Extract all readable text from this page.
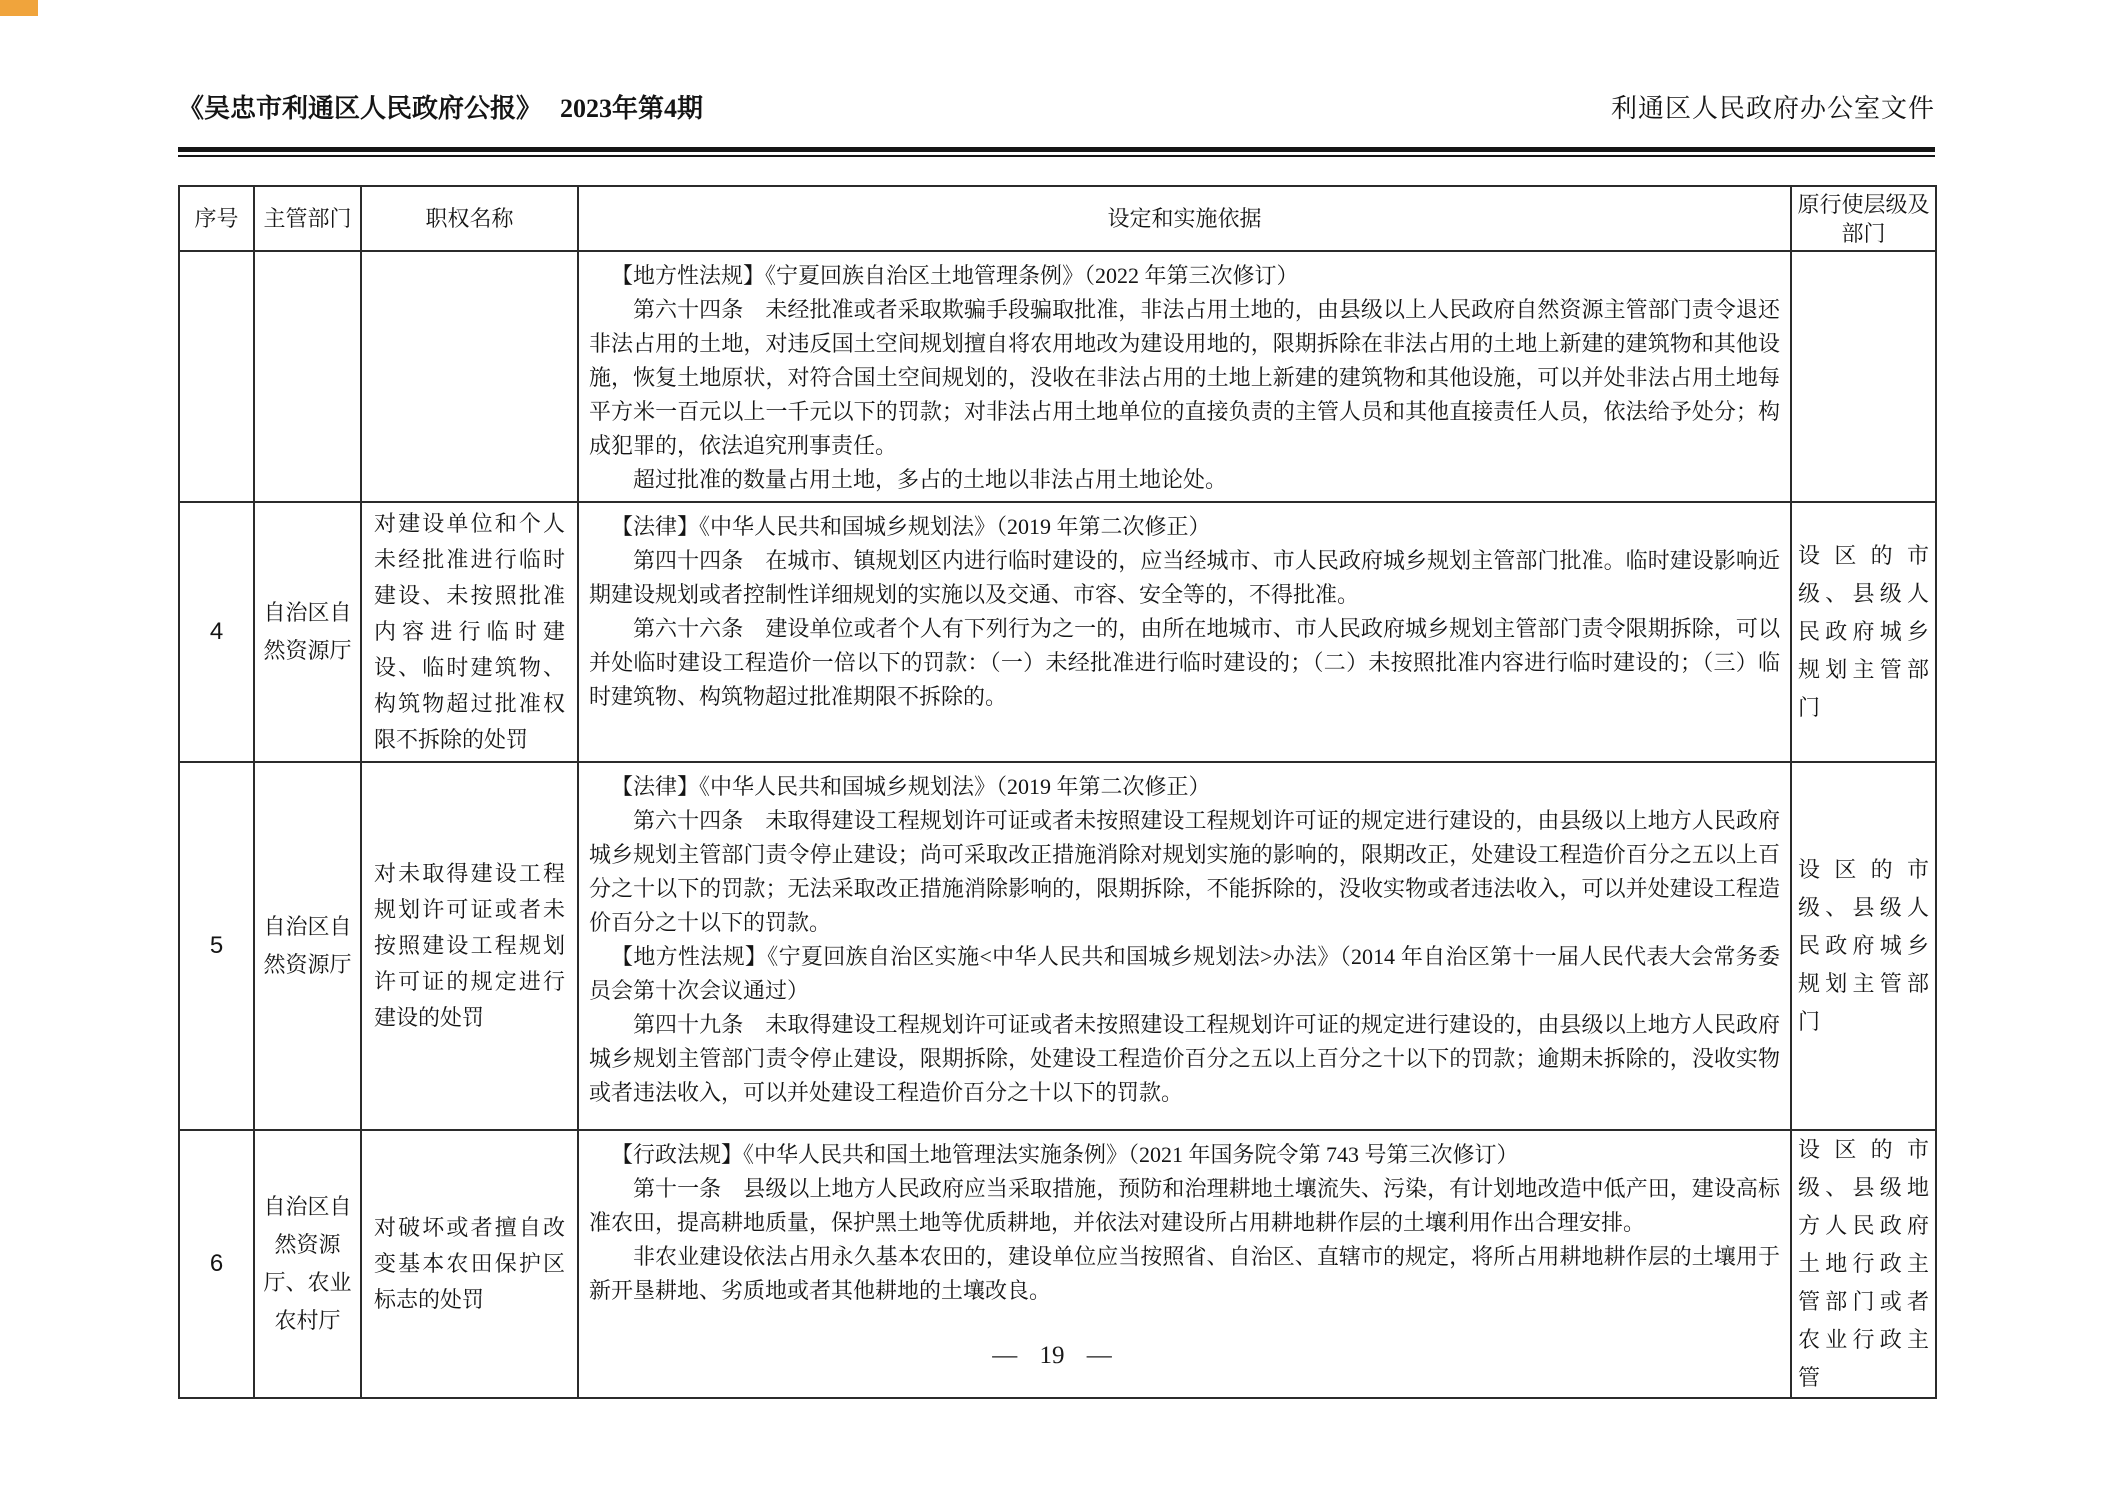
《吴忠市利通区人民政府公报》 2023年第4期	利通区人民政府办公室文件
序号	主管部门	职权名称	设定和实施依据	原行使层级及部门

			【地方性法规】《宁夏回族自治区土地管理条例》（2022 年第三次修订）

第六十四条　未经批准或者采取欺骗手段骗取批准，非法占用土地的，由县级以上人民政府自然资源主管部门责令退还非法占用的土地，对违反国土空间规划擅自将农用地改为建设用地的，限期拆除在非法占用的土地上新建的建筑物和其他设施，恢复土地原状，对符合国土空间规划的，没收在非法占用的土地上新建的建筑物和其他设施，可以并处非法占用土地每平方米一百元以上一千元以下的罚款；对非法占用土地单位的直接负责的主管人员和其他直接责任人员，依法给予处分；构成犯罪的，依法追究刑事责任。

超过批准的数量占用土地，多占的土地以非法占用土地论处。	

4	自治区自然资源厅	对建设单位和个人未经批准进行临时建设、未按照批准内容进行临时建设、临时建筑物、构筑物超过批准权限不拆除的处罚	【法律】《中华人民共和国城乡规划法》（2019 年第二次修正）

第四十四条　在城市、镇规划区内进行临时建设的，应当经城市、市人民政府城乡规划主管部门批准。临时建设影响近期建设规划或者控制性详细规划的实施以及交通、市容、安全等的，不得批准。

第六十六条　建设单位或者个人有下列行为之一的，由所在地城市、市人民政府城乡规划主管部门责令限期拆除，可以并处临时建设工程造价一倍以下的罚款：（一）未经批准进行临时建设的；（二）未按照批准内容进行临时建设的；（三）临时建筑物、构筑物超过批准期限不拆除的。	设区的市级、县级人民政府城乡规划主管部门
5	自治区自然资源厅	对未取得建设工程规划许可证或者未按照建设工程规划许可证的规定进行建设的处罚	【法律】《中华人民共和国城乡规划法》（2019 年第二次修正）

第六十四条　未取得建设工程规划许可证或者未按照建设工程规划许可证的规定进行建设的，由县级以上地方人民政府城乡规划主管部门责令停止建设；尚可采取改正措施消除对规划实施的影响的，限期改正，处建设工程造价百分之五以上百分之十以下的罚款；无法采取改正措施消除影响的，限期拆除，不能拆除的，没收实物或者违法收入，可以并处建设工程造价百分之十以下的罚款。

【地方性法规】《宁夏回族自治区实施<中华人民共和国城乡规划法>办法》（2014 年自治区第十一届人民代表大会常务委员会第十次会议通过）

第四十九条　未取得建设工程规划许可证或者未按照建设工程规划许可证的规定进行建设的，由县级以上地方人民政府城乡规划主管部门责令停止建设，限期拆除，处建设工程造价百分之五以上百分之十以下的罚款；逾期未拆除的，没收实物或者违法收入，可以并处建设工程造价百分之十以下的罚款。	设区的市级、县级人民政府城乡规划主管部门
6	自治区自然资源厅、农业农村厅	对破坏或者擅自改变基本农田保护区标志的处罚	【行政法规】《中华人民共和国土地管理法实施条例》（2021 年国务院令第 743 号第三次修订）

第十一条　县级以上地方人民政府应当采取措施，预防和治理耕地土壤流失、污染，有计划地改造中低产田，建设高标准农田，提高耕地质量，保护黑土地等优质耕地，并依法对建设所占用耕地耕作层的土壤利用作出合理安排。

非农业建设依法占用永久基本农田的，建设单位应当按照省、自治区、直辖市的规定，将所占用耕地耕作层的土壤用于新开垦耕地、劣质地或者其他耕地的土壤改良。	设区的市级、县级地方人民政府土地行政主管部门或者农业行政主管
— 19 —
